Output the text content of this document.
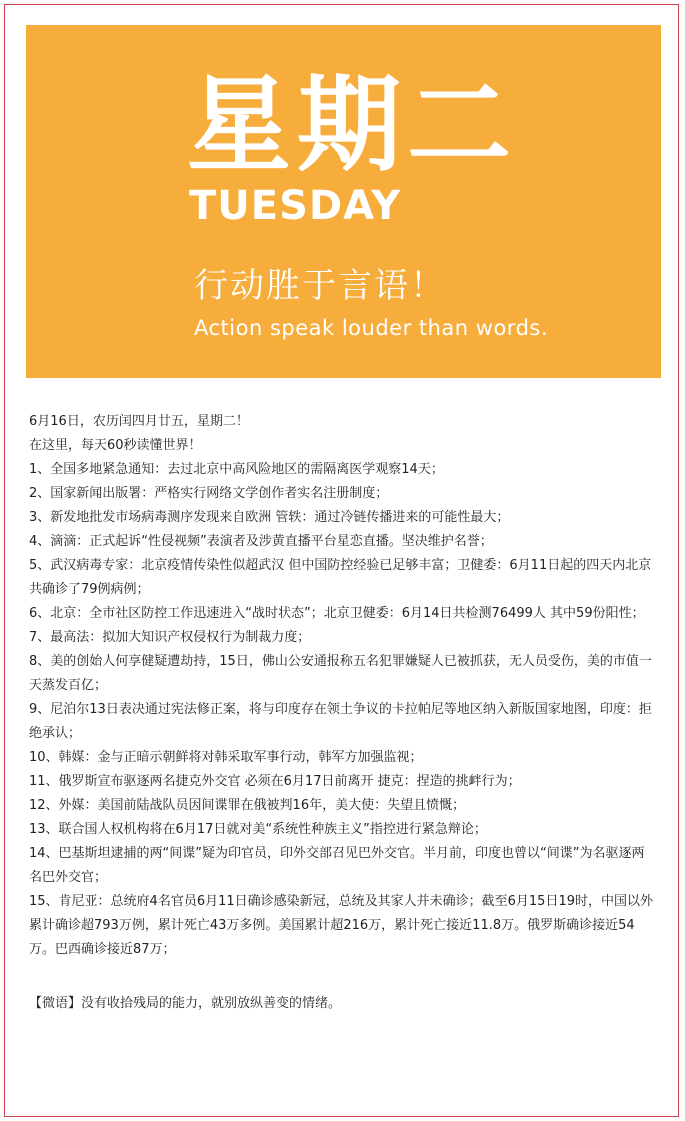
星期二
TUESDAY
行动胜于言语！
Action speak louder than words.

6月16日，农历闰四月廿五，星期二！

在这里，每天60秒读懂世界！

1、全国多地紧急通知：去过北京中高风险地区的需隔离医学观察14天；

2、国家新闻出版署：严格实行网络文学创作者实名注册制度；

3、新发地批发市场病毒测序发现来自欧洲 管轶：通过冷链传播进来的可能性最大；

4、滴滴：正式起诉“性侵视频”表演者及涉黄直播平台星恋直播。坚决维护名誉；

5、武汉病毒专家：北京疫情传染性似超武汉 但中国防控经验已足够丰富；卫健委：6月11日起的四天内北京共确诊了79例病例；

6、北京：全市社区防控工作迅速进入“战时状态”；北京卫健委：6月14日共检测76499人 其中59份阳性；

7、最高法：拟加大知识产权侵权行为制裁力度；

8、美的创始人何享健疑遭劫持，15日，佛山公安通报称五名犯罪嫌疑人已被抓获，无人员受伤，美的市值一天蒸发百亿；

9、尼泊尔13日表决通过宪法修正案，将与印度存在领土争议的卡拉帕尼等地区纳入新版国家地图，印度：拒绝承认；

10、韩媒：金与正暗示朝鲜将对韩采取军事行动，韩军方加强监视；

11、俄罗斯宣布驱逐两名捷克外交官 必须在6月17日前离开 捷克：捏造的挑衅行为；

12、外媒：美国前陆战队员因间谍罪在俄被判16年，美大使：失望且愤慨；

13、联合国人权机构将在6月17日就对美“系统性种族主义”指控进行紧急辩论；

14、巴基斯坦逮捕的两“间谍”疑为印官员，印外交部召见巴外交官。半月前，印度也曾以“间谍”为名驱逐两名巴外交官；

15、肯尼亚：总统府4名官员6月11日确诊感染新冠，总统及其家人并未确诊；截至6月15日19时，中国以外累计确诊超793万例，累计死亡43万多例。美国累计超216万，累计死亡接近11.8万。俄罗斯确诊接近54万。巴西确诊接近87万；

【微语】没有收拾残局的能力，就别放纵善变的情绪。
